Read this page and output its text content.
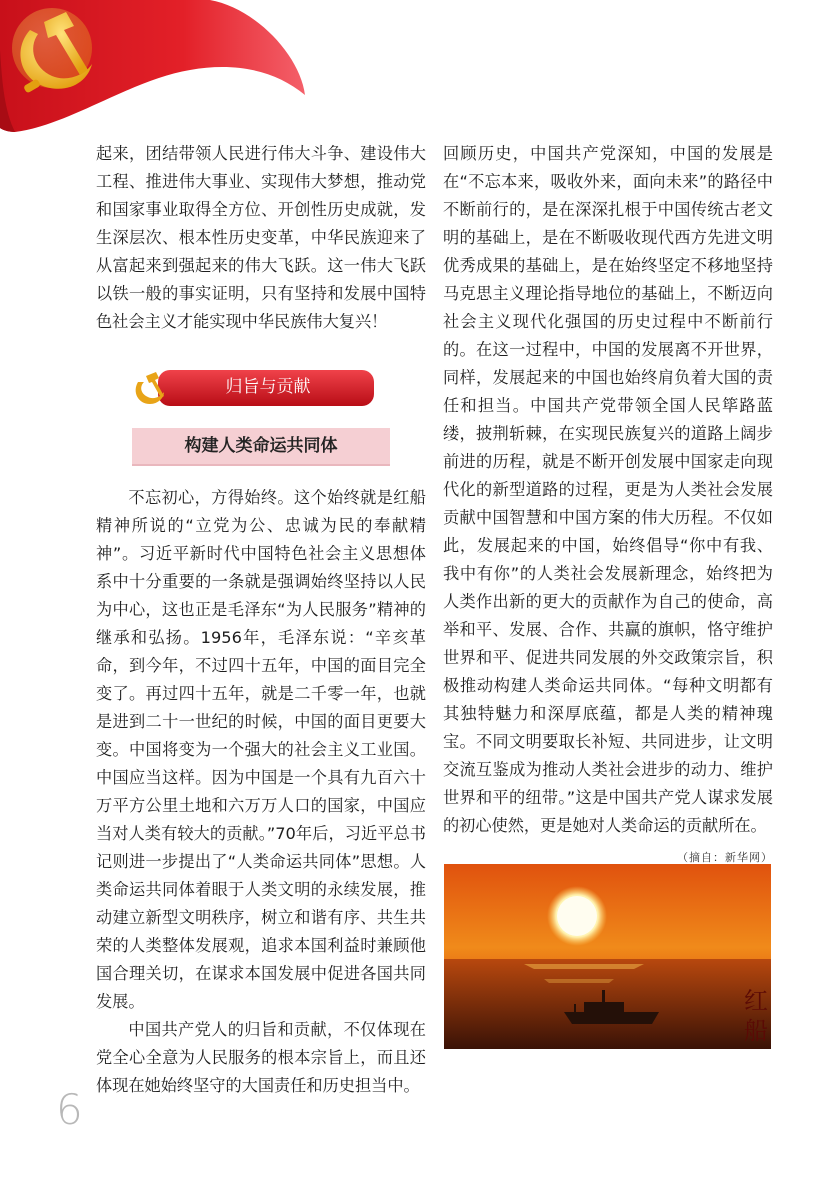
起来，团结带领人民进行伟大斗争、建设伟大工程、推进伟大事业、实现伟大梦想，推动党和国家事业取得全方位、开创性历史成就，发生深层次、根本性历史变革，中华民族迎来了从富起来到强起来的伟大飞跃。这一伟大飞跃以铁一般的事实证明，只有坚持和发展中国特色社会主义才能实现中华民族伟大复兴！

归旨与贡献
构建人类命运共同体

不忘初心，方得始终。这个始终就是红船精神所说的“立党为公、忠诚为民的奉献精神”。习近平新时代中国特色社会主义思想体系中十分重要的一条就是强调始终坚持以人民为中心，这也正是毛泽东“为人民服务”精神的继承和弘扬。1956年，毛泽东说：“辛亥革命，到今年，不过四十五年，中国的面目完全变了。再过四十五年，就是二千零一年，也就是进到二十一世纪的时候，中国的面目更要大变。中国将变为一个强大的社会主义工业国。中国应当这样。因为中国是一个具有九百六十万平方公里土地和六万万人口的国家，中国应当对人类有较大的贡献。”70年后，习近平总书记则进一步提出了“人类命运共同体”思想。人类命运共同体着眼于人类文明的永续发展，推动建立新型文明秩序，树立和谐有序、共生共荣的人类整体发展观，追求本国利益时兼顾他国合理关切，在谋求本国发展中促进各国共同发展。

中国共产党人的归旨和贡献，不仅体现在党全心全意为人民服务的根本宗旨上，而且还体现在她始终坚守的大国责任和历史担当中。

回顾历史，中国共产党深知，中国的发展是在“不忘本来，吸收外来，面向未来”的路径中不断前行的，是在深深扎根于中国传统古老文明的基础上，是在不断吸收现代西方先进文明优秀成果的基础上，是在始终坚定不移地坚持马克思主义理论指导地位的基础上，不断迈向社会主义现代化强国的历史过程中不断前行的。在这一过程中，中国的发展离不开世界，同样，发展起来的中国也始终肩负着大国的责任和担当。中国共产党带领全国人民筚路蓝缕，披荆斩棘，在实现民族复兴的道路上阔步前进的历程，就是不断开创发展中国家走向现代化的新型道路的过程，更是为人类社会发展贡献中国智慧和中国方案的伟大历程。不仅如此，发展起来的中国，始终倡导“你中有我、我中有你”的人类社会发展新理念，始终把为人类作出新的更大的贡献作为自己的使命，高举和平、发展、合作、共赢的旗帜，恪守维护世界和平、促进共同发展的外交政策宗旨，积极推动构建人类命运共同体。“每种文明都有其独特魅力和深厚底蕴，都是人类的精神瑰宝。不同文明要取长补短、共同进步，让文明交流互鉴成为推动人类社会进步的动力、维护世界和平的纽带。”这是中国共产党人谋求发展的初心使然，更是她对人类命运的贡献所在。
（摘自：新华网）

红
船
6
